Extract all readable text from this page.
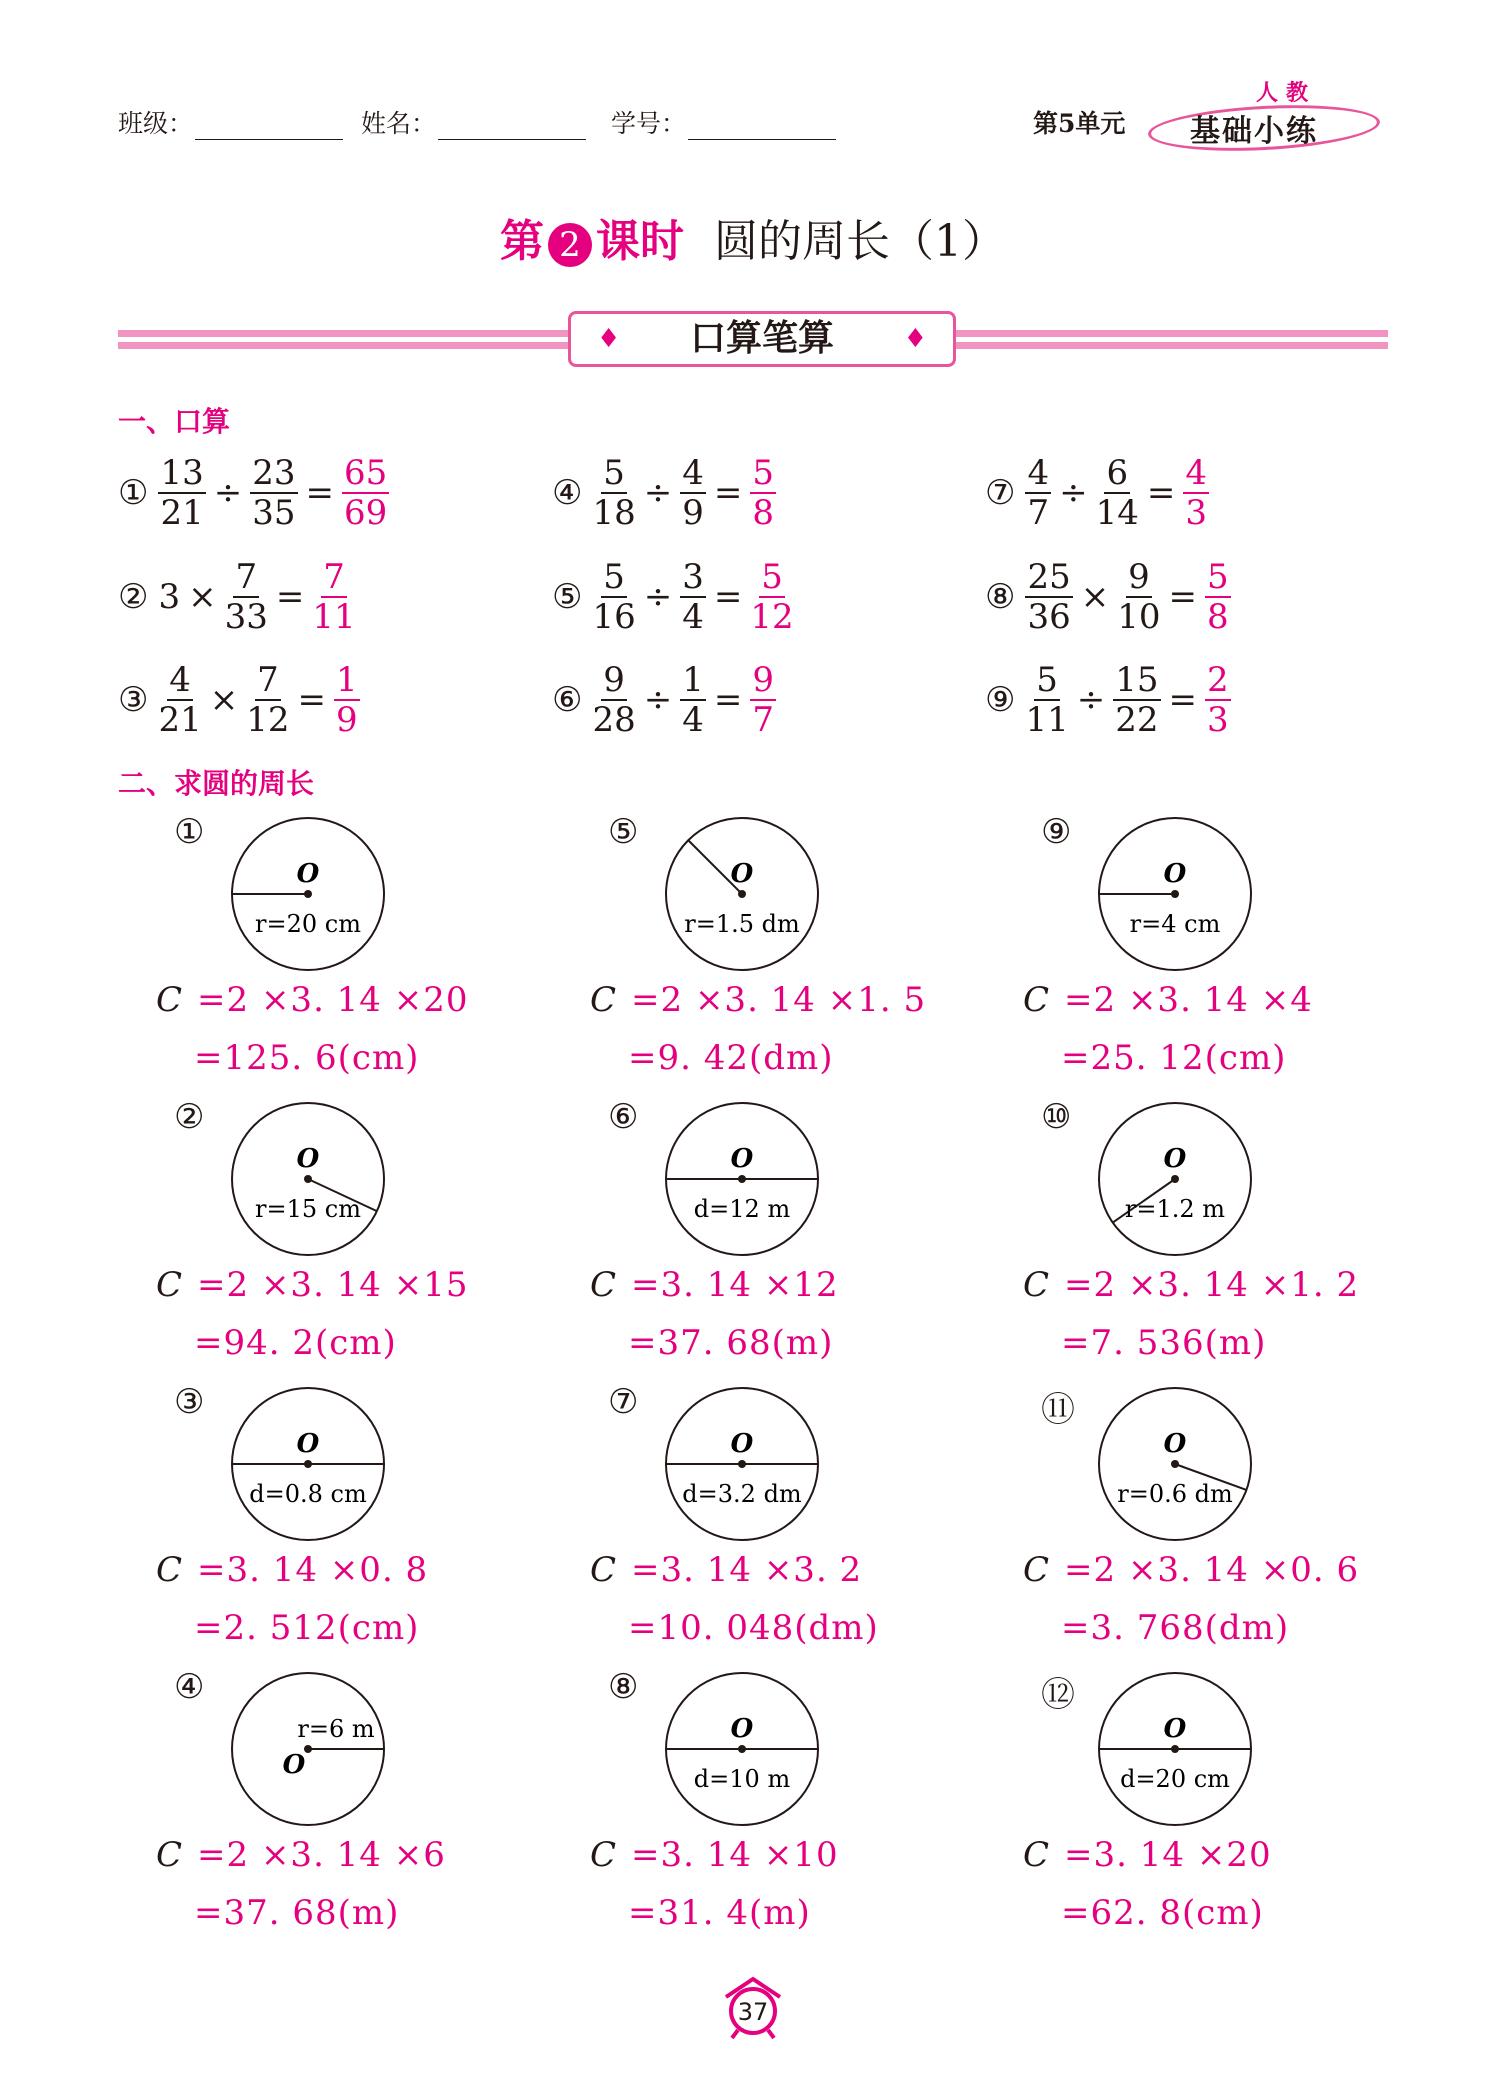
班级：	姓名：	学号：	第5单元
人教
基础小练
第 2 课时 圆的周长（1）
♦ 口算笔算	♦
一、口算
① $\frac{13}{21} \div \frac{23}{35} = \frac{65}{69}$
② $3 \times \frac{7}{33} = \frac{7}{11}$
③ $\frac{4}{21} \times \frac{7}{12} = \frac{1}{9}$
④ $\frac{5}{18} \div \frac{4}{9} = \frac{5}{8}$
⑤ $\frac{5}{16} \div \frac{3}{4} = \frac{5}{12}$
⑥ $\frac{9}{28} \div \frac{1}{4} = \frac{9}{7}$
⑦ $\frac{4}{7} \div \frac{6}{14} = \frac{4}{3}$
⑧ $\frac{25}{36} \times \frac{9}{10} = \frac{5}{8}$
⑨ $\frac{5}{11} \div \frac{15}{22} = \frac{2}{3}$
二、求圆的周长
①
O
r=20 cm
C =2 ×3. 14 ×20
=125. 6(cm)
②
O
r=15 cm
C =2 ×3. 14 ×15
=94. 2(cm)
③
O
d=0.8 cm
C =3. 14 ×0. 8
=2. 512(cm)
④
O
r=6 m
C =2 ×3. 14 ×6
=37. 68(m)
⑤
O
r=1.5 dm
C =2 ×3. 14 ×1. 5
=9. 42(dm)
⑥
O
d=12 m
C =3. 14 ×12
=37. 68(m)
⑦
O
d=3.2 dm
C =3. 14 ×3. 2
=10. 048(dm)
⑧
O
d=10 m
C =3. 14 ×10
=31. 4(m)
⑨
O
r=4 cm
C =2 ×3. 14 ×4
=25. 12(cm)
⑩
O
r=1.2 m
C =2 ×3. 14 ×1. 2
=7. 536(m)
⑪
O
r=0.6 dm
C =2 ×3. 14 ×0. 6
=3. 768(dm)
⑫
O
d=20 cm
C =3. 14 ×20
=62. 8(cm)
37
